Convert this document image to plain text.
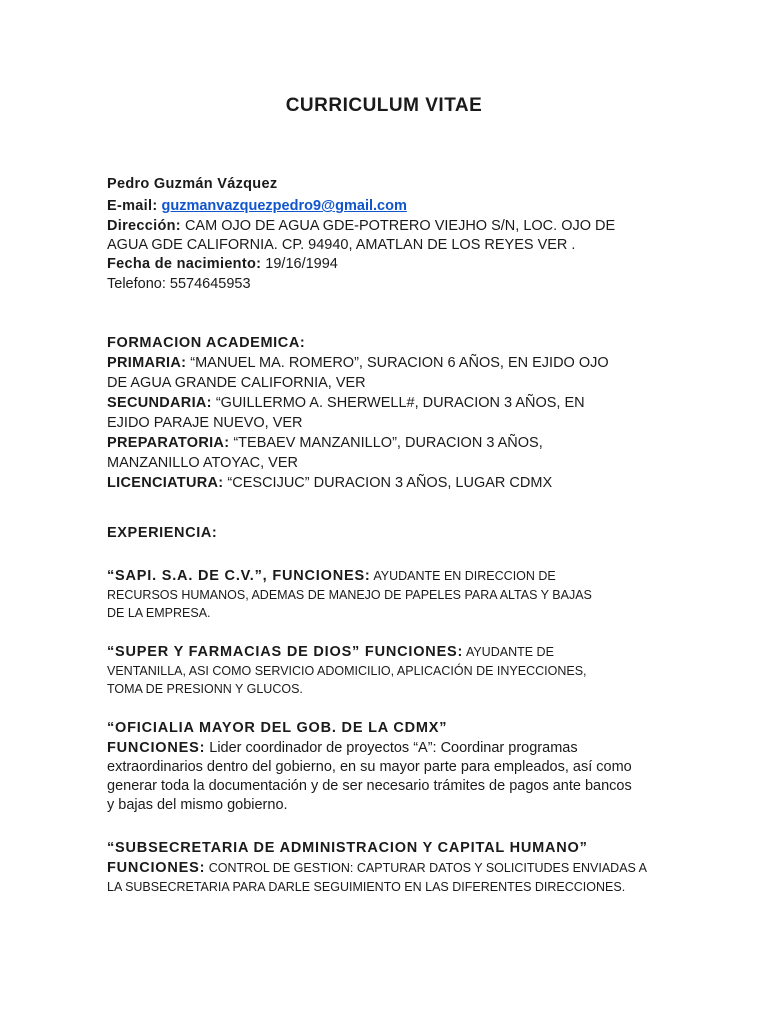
CURRICULUM VITAE
Pedro Guzmán Vázquez
E-mail: guzmanvazquezpedro9@gmail.com
Dirección: CAM OJO DE AGUA GDE-POTRERO VIEJHO S/N, LOC. OJO DE
AGUA GDE CALIFORNIA. CP. 94940, AMATLAN DE LOS REYES VER .
Fecha de nacimiento: 19/16/1994
Telefono: 5574645953
FORMACION ACADEMICA:
PRIMARIA: “MANUEL MA. ROMERO”, SURACION 6 AÑOS, EN EJIDO OJO
DE AGUA GRANDE CALIFORNIA, VER
SECUNDARIA: “GUILLERMO A. SHERWELL#, DURACION 3 AÑOS, EN
EJIDO PARAJE NUEVO, VER
PREPARATORIA: “TEBAEV MANZANILLO”, DURACION 3 AÑOS,
MANZANILLO ATOYAC, VER
LICENCIATURA: “CESCIJUC” DURACION 3 AÑOS, LUGAR CDMX
EXPERIENCIA:
“SAPI. S.A. DE C.V.”, FUNCIONES: AYUDANTE EN DIRECCION DE
RECURSOS HUMANOS, ADEMAS DE MANEJO DE PAPELES PARA ALTAS Y BAJAS
DE LA EMPRESA.
“SUPER Y FARMACIAS DE DIOS” FUNCIONES: AYUDANTE DE
VENTANILLA, ASI COMO SERVICIO ADOMICILIO, APLICACIÓN DE INYECCIONES,
TOMA DE PRESIONN Y GLUCOS.
“OFICIALIA MAYOR DEL GOB. DE LA CDMX”
FUNCIONES: Lider coordinador de proyectos “A”: Coordinar programas
extraordinarios dentro del gobierno, en su mayor parte para empleados, así como
generar toda la documentación y de ser necesario trámites de pagos ante bancos
y bajas del mismo gobierno.
“SUBSECRETARIA DE ADMINISTRACION Y CAPITAL HUMANO”
FUNCIONES: CONTROL DE GESTION: CAPTURAR DATOS Y SOLICITUDES ENVIADAS A
LA SUBSECRETARIA PARA DARLE SEGUIMIENTO EN LAS DIFERENTES DIRECCIONES.
